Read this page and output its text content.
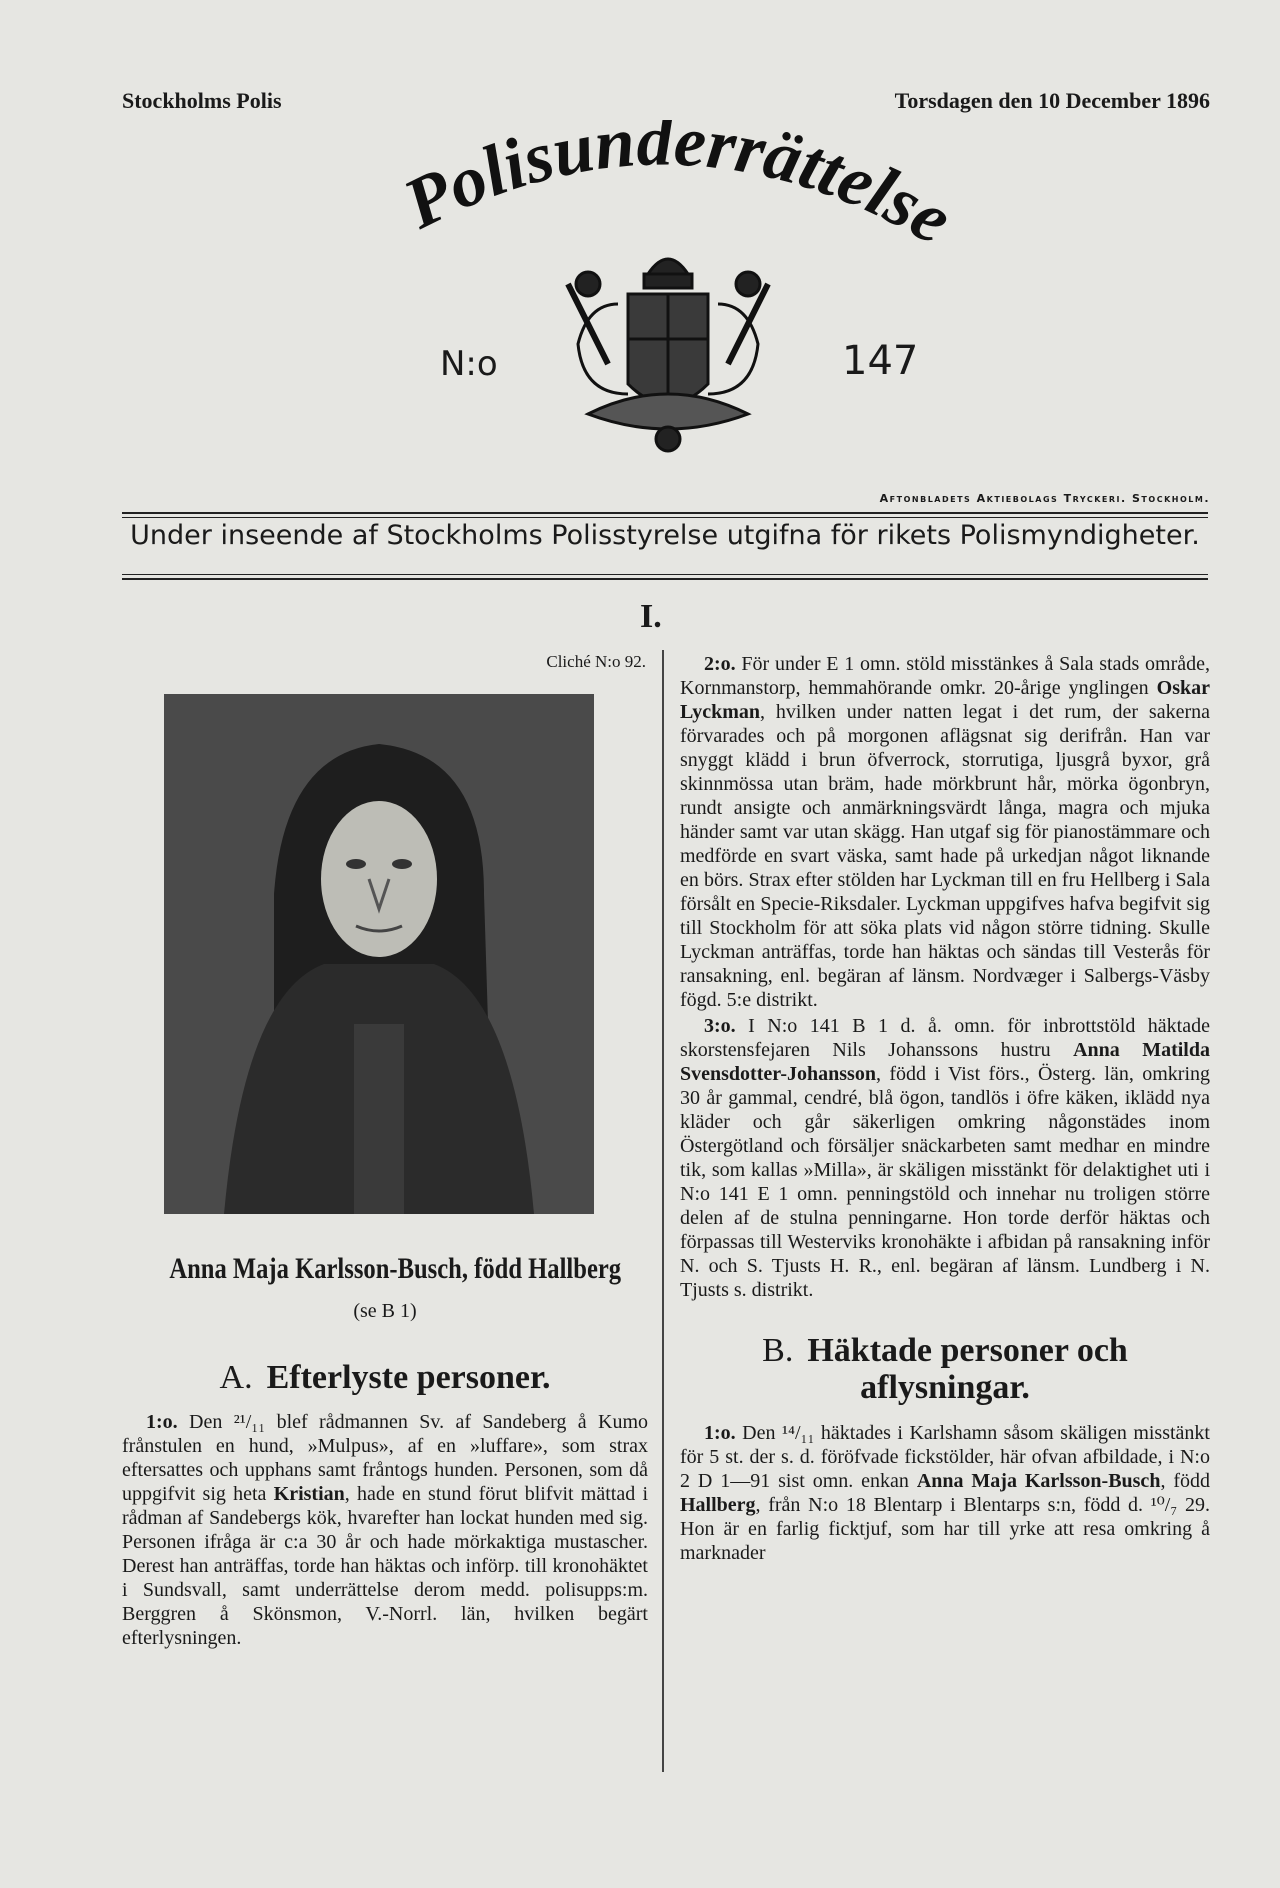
Stockholms Polis	Torsdagen den 10 December 1896
olisunderrättelse
N:o	147
Aftonbladets Aktiebolags Tryckeri. Stockholm.
Under inseende af Stockholms Polisstyrelse utgifna för rikets Polismyndigheter.
I.
Cliché N:o 92.
Anna Maja Karlsson-Busch, född Hallberg
(se B 1)
A. Efterlyste personer.
1:o. Den ²¹/₁₁ blef rådmannen Sv. af Sandeberg å Kumo frånstulen en hund, »Mulpus», af en »luffare», som strax eftersattes och upphans samt fråntogs hunden. Personen, som då uppgifvit sig heta Kristian, hade en stund förut blifvit mättad i rådman af Sandebergs kök, hvarefter han lockat hunden med sig. Personen ifråga är c:a 30 år och hade mörkaktiga mustascher. Derest han anträffas, torde han häktas och införp. till kronohäktet i Sundsvall, samt underrättelse derom medd. polisupps:m. Berggren å Skönsmon, V.-Norrl. län, hvilken begärt efterlysningen.
2:o. För under E 1 omn. stöld misstänkes å Sala stads område, Kornmanstorp, hemmahörande omkr. 20-årige ynglingen Oskar Lyckman, hvilken under natten legat i det rum, der sakerna förvarades och på morgonen aflägsnat sig derifrån. Han var snyggt klädd i brun öfverrock, storrutiga, ljusgrå byxor, grå skinnmössa utan bräm, hade mörkbrunt hår, mörka ögonbryn, rundt ansigte och anmärkningsvärdt långa, magra och mjuka händer samt var utan skägg. Han utgaf sig för pianostämmare och medförde en svart väska, samt hade på urkedjan något liknande en börs. Strax efter stölden har Lyckman till en fru Hellberg i Sala försålt en Specie-Riksdaler. Lyckman uppgifves hafva begifvit sig till Stockholm för att söka plats vid någon större tidning. Skulle Lyckman anträffas, torde han häktas och sändas till Vesterås för ransakning, enl. begäran af länsm. Nordvæger i Salbergs-Väsby fögd. 5:e distrikt.
3:o. I N:o 141 B 1 d. å. omn. för inbrottstöld häktade skorstensfejaren Nils Johanssons hustru Anna Matilda Svensdotter-Johansson, född i Vist förs., Österg. län, omkring 30 år gammal, cendré, blå ögon, tandlös i öfre käken, iklädd nya kläder och går säkerligen omkring någonstädes inom Östergötland och försäljer snäckarbeten samt medhar en mindre tik, som kallas »Milla», är skäligen misstänkt för delaktighet uti i N:o 141 E 1 omn. penningstöld och innehar nu troligen större delen af de stulna penningarne. Hon torde derför häktas och förpassas till Westerviks kronohäkte i afbidan på ransakning inför N. och S. Tjusts H. R., enl. begäran af länsm. Lundberg i N. Tjusts s. distrikt.
B. Häktade personer och aflysningar.
1:o. Den ¹⁴/₁₁ häktades i Karlshamn såsom skäligen misstänkt för 5 st. der s. d. föröfvade fickstölder, här ofvan afbildade, i N:o 2 D 1—91 sist omn. enkan Anna Maja Karlsson-Busch, född Hallberg, från N:o 18 Blentarp i Blentarps s:n, född d. ¹⁰/₇ 29. Hon är en farlig ficktjuf, som har till yrke att resa omkring å marknader
